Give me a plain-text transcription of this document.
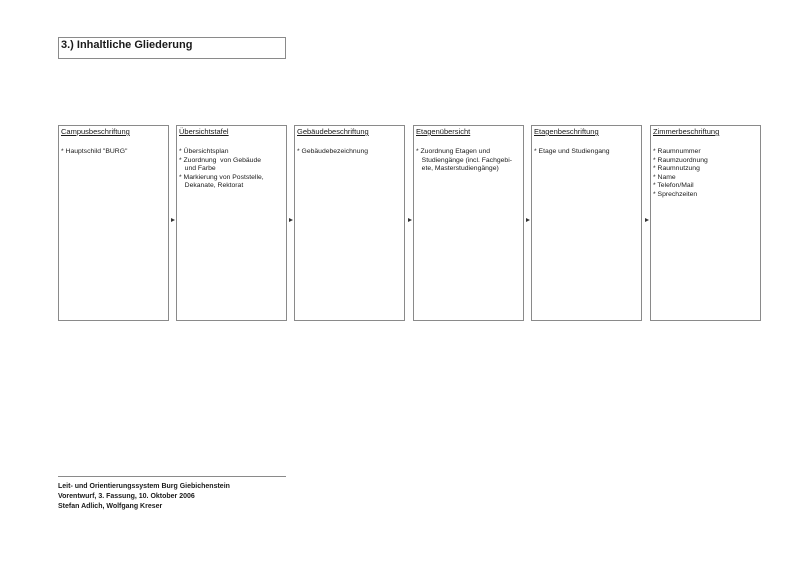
3.) Inhaltliche Gliederung
Campusbeschriftung
* Hauptschild "BURG"
Übersichtstafel
* Übersichtsplan
* Zuordnung  von Gebäude
und Farbe
* Markierung von Poststelle,
Dekanate, Rektorat
Gebäudebeschriftung
* Gebäudebezeichnung
Etagenübersicht
* Zuordnung Etagen und
Studiengänge (incl. Fachgebi-
ete, Masterstudiengänge)
Etagenbeschriftung
* Etage und Studiengang
Zimmerbeschriftung
* Raumnummer
* Raumzuordnung
* Raumnutzung
* Name
* Telefon/Mail
* Sprechzeiten
Leit- und Orientierungssystem Burg Giebichenstein
Vorentwurf, 3. Fassung, 10. Oktober 2006
Stefan Adlich, Wolfgang Kreser
